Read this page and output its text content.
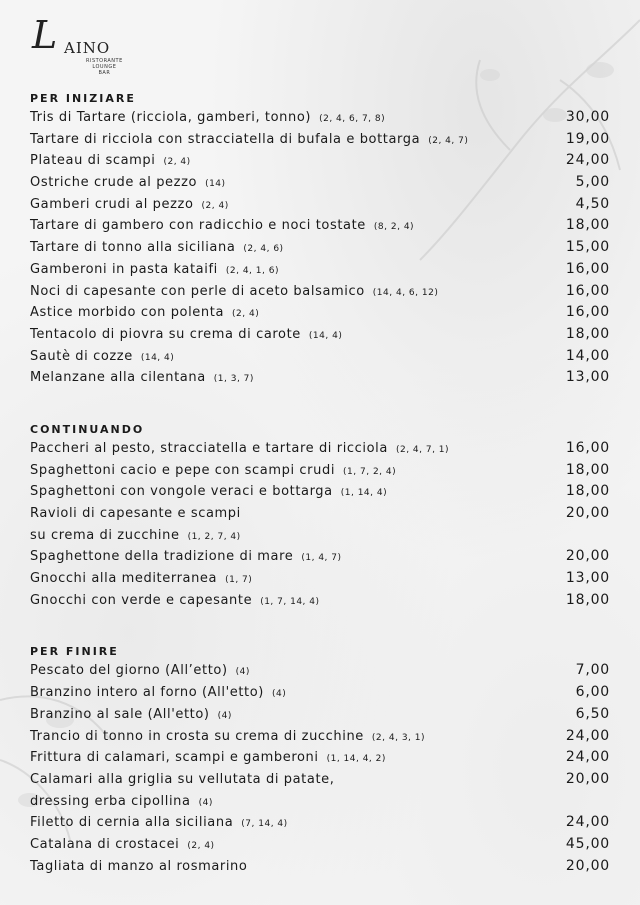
L AINO
RISTORANTE
LOUNGE BAR
PER INIZIARE
Tris di Tartare (ricciola, gamberi, tonno) (2, 4, 6, 7, 8)	30,00
Tartare di ricciola con stracciatella di bufala e bottarga (2, 4, 7)	19,00
Plateau di scampi (2, 4)	24,00
Ostriche crude al pezzo (14)	5,00
Gamberi crudi al pezzo (2, 4)	4,50
Tartare di gambero con radicchio e noci tostate (8, 2, 4)	18,00
Tartare di tonno alla siciliana (2, 4, 6)	15,00
Gamberoni in pasta kataifi (2, 4, 1, 6)	16,00
Noci di capesante con perle di aceto balsamico (14, 4, 6, 12)	16,00
Astice morbido con polenta (2, 4)	16,00
Tentacolo di piovra su crema di carote (14, 4)	18,00
Sautè di cozze (14, 4)	14,00
Melanzane alla cilentana (1, 3, 7)	13,00
CONTINUANDO
Paccheri al pesto, stracciatella e tartare di ricciola (2, 4, 7, 1)	16,00
Spaghettoni cacio e pepe con scampi crudi (1, 7, 2, 4)	18,00
Spaghettoni con vongole veraci e bottarga (1, 14, 4)	18,00
Ravioli di capesante e scampi	20,00
su crema di zucchine (1, 2, 7, 4)
Spaghettone della tradizione di mare (1, 4, 7)	20,00
Gnocchi alla mediterranea (1, 7)	13,00
Gnocchi con verde e capesante (1, 7, 14, 4)	18,00
PER FINIRE
Pescato del giorno (All’etto) (4)	7,00
Branzino intero al forno (All'etto) (4)	6,00
Branzino al sale (All'etto) (4)	6,50
Trancio di tonno in crosta su crema di zucchine (2, 4, 3, 1)	24,00
Frittura di calamari, scampi e gamberoni (1, 14, 4, 2)	24,00
Calamari alla griglia su vellutata di patate,	20,00
dressing erba cipollina (4)
Filetto di cernia alla siciliana (7, 14, 4)	24,00
Catalana di crostacei (2, 4)	45,00
Tagliata di manzo al rosmarino	20,00
